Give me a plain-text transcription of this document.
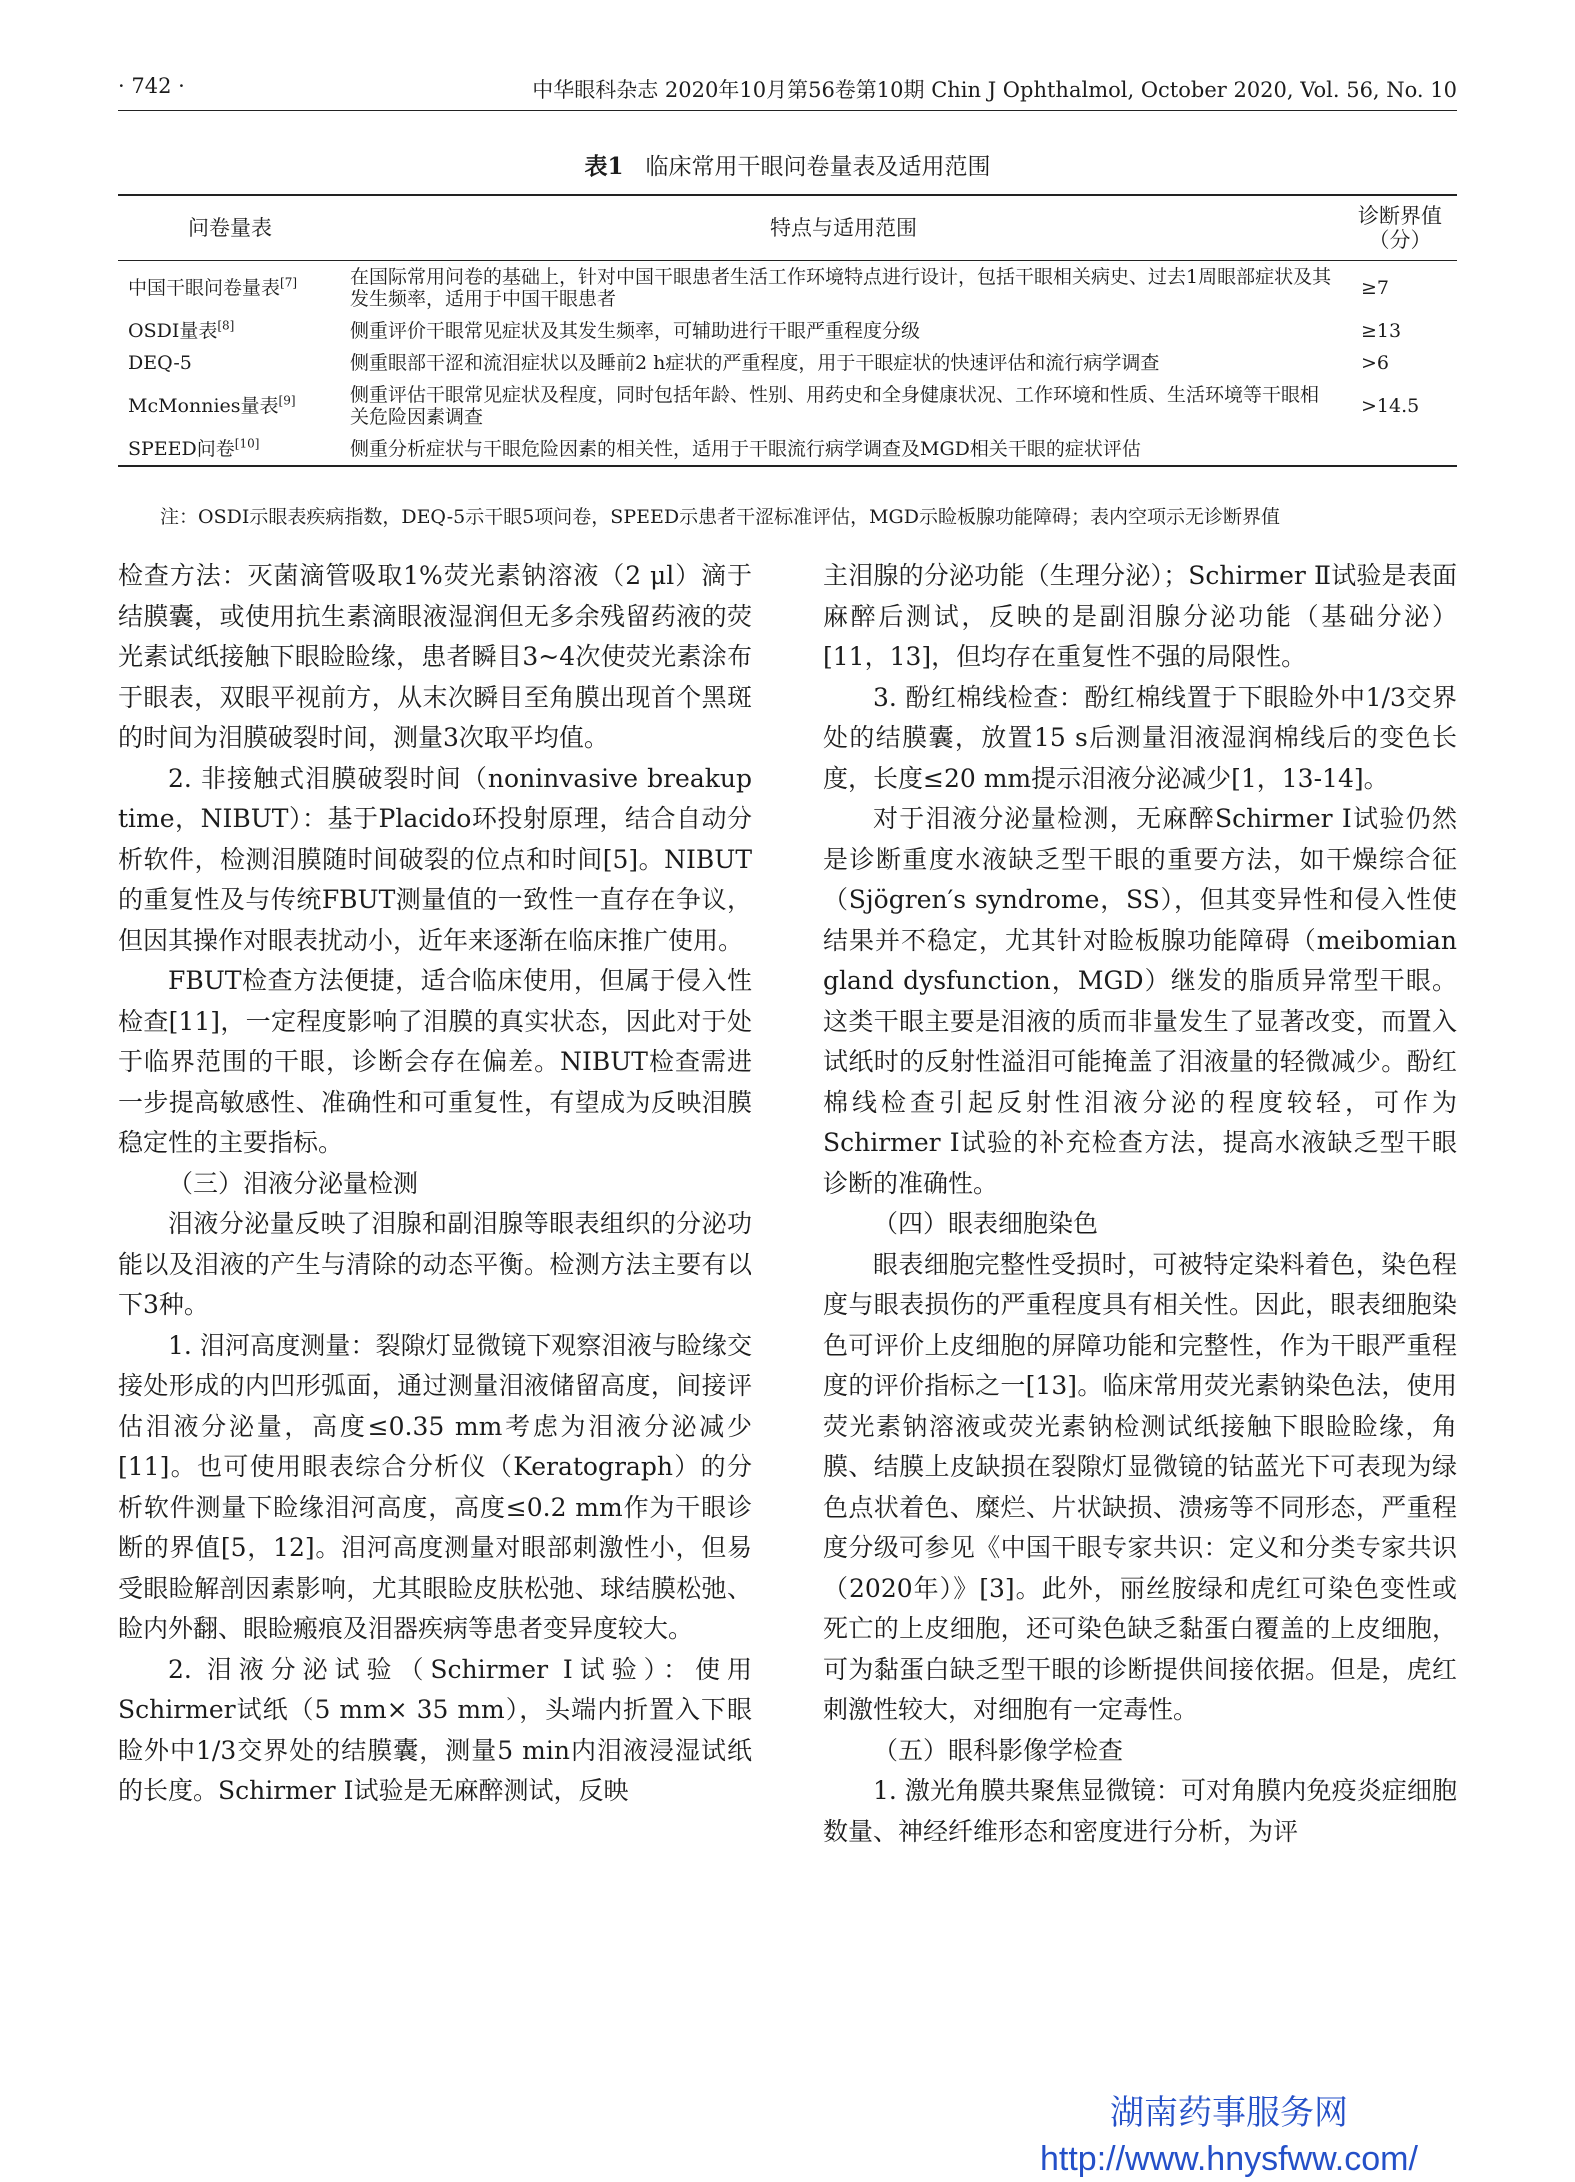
· 742 ·	中华眼科杂志 2020年10月第56卷第10期 Chin J Ophthalmol, October 2020, Vol. 56, No. 10
表1 临床常用干眼问卷量表及适用范围
问卷量表	特点与适用范围	诊断界值（分）
中国干眼问卷量表[7]	在国际常用问卷的基础上，针对中国干眼患者生活工作环境特点进行设计，包括干眼相关病史、过去1周眼部症状及其发生频率，适用于中国干眼患者	≥7
OSDI量表[8]	侧重评价干眼常见症状及其发生频率，可辅助进行干眼严重程度分级	≥13
DEQ-5	侧重眼部干涩和流泪症状以及睡前2 h症状的严重程度，用于干眼症状的快速评估和流行病学调查	>6
McMonnies量表[9]	侧重评估干眼常见症状及程度，同时包括年龄、性别、用药史和全身健康状况、工作环境和性质、生活环境等干眼相关危险因素调查	>14.5
SPEED问卷[10]	侧重分析症状与干眼危险因素的相关性，适用于干眼流行病学调查及MGD相关干眼的症状评估	
注：OSDI示眼表疾病指数，DEQ-5示干眼5项问卷，SPEED示患者干涩标准评估，MGD示睑板腺功能障碍；表内空项示无诊断界值

检查方法：灭菌滴管吸取1%荧光素钠溶液（2 μl）滴于结膜囊，或使用抗生素滴眼液湿润但无多余残留药液的荧光素试纸接触下眼睑睑缘，患者瞬目3~4次使荧光素涂布于眼表，双眼平视前方，从末次瞬目至角膜出现首个黑斑的时间为泪膜破裂时间，测量3次取平均值。

2. 非接触式泪膜破裂时间（noninvasive breakup time，NIBUT）：基于Placido环投射原理，结合自动分析软件，检测泪膜随时间破裂的位点和时间[5]。NIBUT的重复性及与传统FBUT测量值的一致性一直存在争议，但因其操作对眼表扰动小，近年来逐渐在临床推广使用。

FBUT检查方法便捷，适合临床使用，但属于侵入性检查[11]，一定程度影响了泪膜的真实状态，因此对于处于临界范围的干眼，诊断会存在偏差。NIBUT检查需进一步提高敏感性、准确性和可重复性，有望成为反映泪膜稳定性的主要指标。

（三）泪液分泌量检测

泪液分泌量反映了泪腺和副泪腺等眼表组织的分泌功能以及泪液的产生与清除的动态平衡。检测方法主要有以下3种。

1. 泪河高度测量：裂隙灯显微镜下观察泪液与睑缘交接处形成的内凹形弧面，通过测量泪液储留高度，间接评估泪液分泌量，高度≤0.35 mm考虑为泪液分泌减少[11]。也可使用眼表综合分析仪（Keratograph）的分析软件测量下睑缘泪河高度，高度≤0.2 mm作为干眼诊断的界值[5，12]。泪河高度测量对眼部刺激性小，但易受眼睑解剖因素影响，尤其眼睑皮肤松弛、球结膜松弛、睑内外翻、眼睑瘢痕及泪器疾病等患者变异度较大。

2. 泪液分泌试验（Schirmer Ⅰ试验）：使用Schirmer试纸（5 mm× 35 mm），头端内折置入下眼睑外中1/3交界处的结膜囊，测量5 min内泪液浸湿试纸的长度。Schirmer Ⅰ试验是无麻醉测试，反映

主泪腺的分泌功能（生理分泌）；Schirmer Ⅱ试验是表面麻醉后测试，反映的是副泪腺分泌功能（基础分泌）[11，13]，但均存在重复性不强的局限性。

3. 酚红棉线检查：酚红棉线置于下眼睑外中1/3交界处的结膜囊，放置15 s后测量泪液湿润棉线后的变色长度，长度≤20 mm提示泪液分泌减少[1，13-14]。

对于泪液分泌量检测，无麻醉Schirmer Ⅰ试验仍然是诊断重度水液缺乏型干眼的重要方法，如干燥综合征（Sjögren′s syndrome，SS），但其变异性和侵入性使结果并不稳定，尤其针对睑板腺功能障碍（meibomian gland dysfunction，MGD）继发的脂质异常型干眼。这类干眼主要是泪液的质而非量发生了显著改变，而置入试纸时的反射性溢泪可能掩盖了泪液量的轻微减少。酚红棉线检查引起反射性泪液分泌的程度较轻，可作为Schirmer Ⅰ试验的补充检查方法，提高水液缺乏型干眼诊断的准确性。

（四）眼表细胞染色

眼表细胞完整性受损时，可被特定染料着色，染色程度与眼表损伤的严重程度具有相关性。因此，眼表细胞染色可评价上皮细胞的屏障功能和完整性，作为干眼严重程度的评价指标之一[13]。临床常用荧光素钠染色法，使用荧光素钠溶液或荧光素钠检测试纸接触下眼睑睑缘，角膜、结膜上皮缺损在裂隙灯显微镜的钴蓝光下可表现为绿色点状着色、糜烂、片状缺损、溃疡等不同形态，严重程度分级可参见《中国干眼专家共识：定义和分类专家共识（2020年）》[3]。此外，丽丝胺绿和虎红可染色变性或死亡的上皮细胞，还可染色缺乏黏蛋白覆盖的上皮细胞，可为黏蛋白缺乏型干眼的诊断提供间接依据。但是，虎红刺激性较大，对细胞有一定毒性。

（五）眼科影像学检查

1. 激光角膜共聚焦显微镜：可对角膜内免疫炎症细胞数量、神经纤维形态和密度进行分析，为评

湖南药事服务网
http://www.hnysfww.com/
